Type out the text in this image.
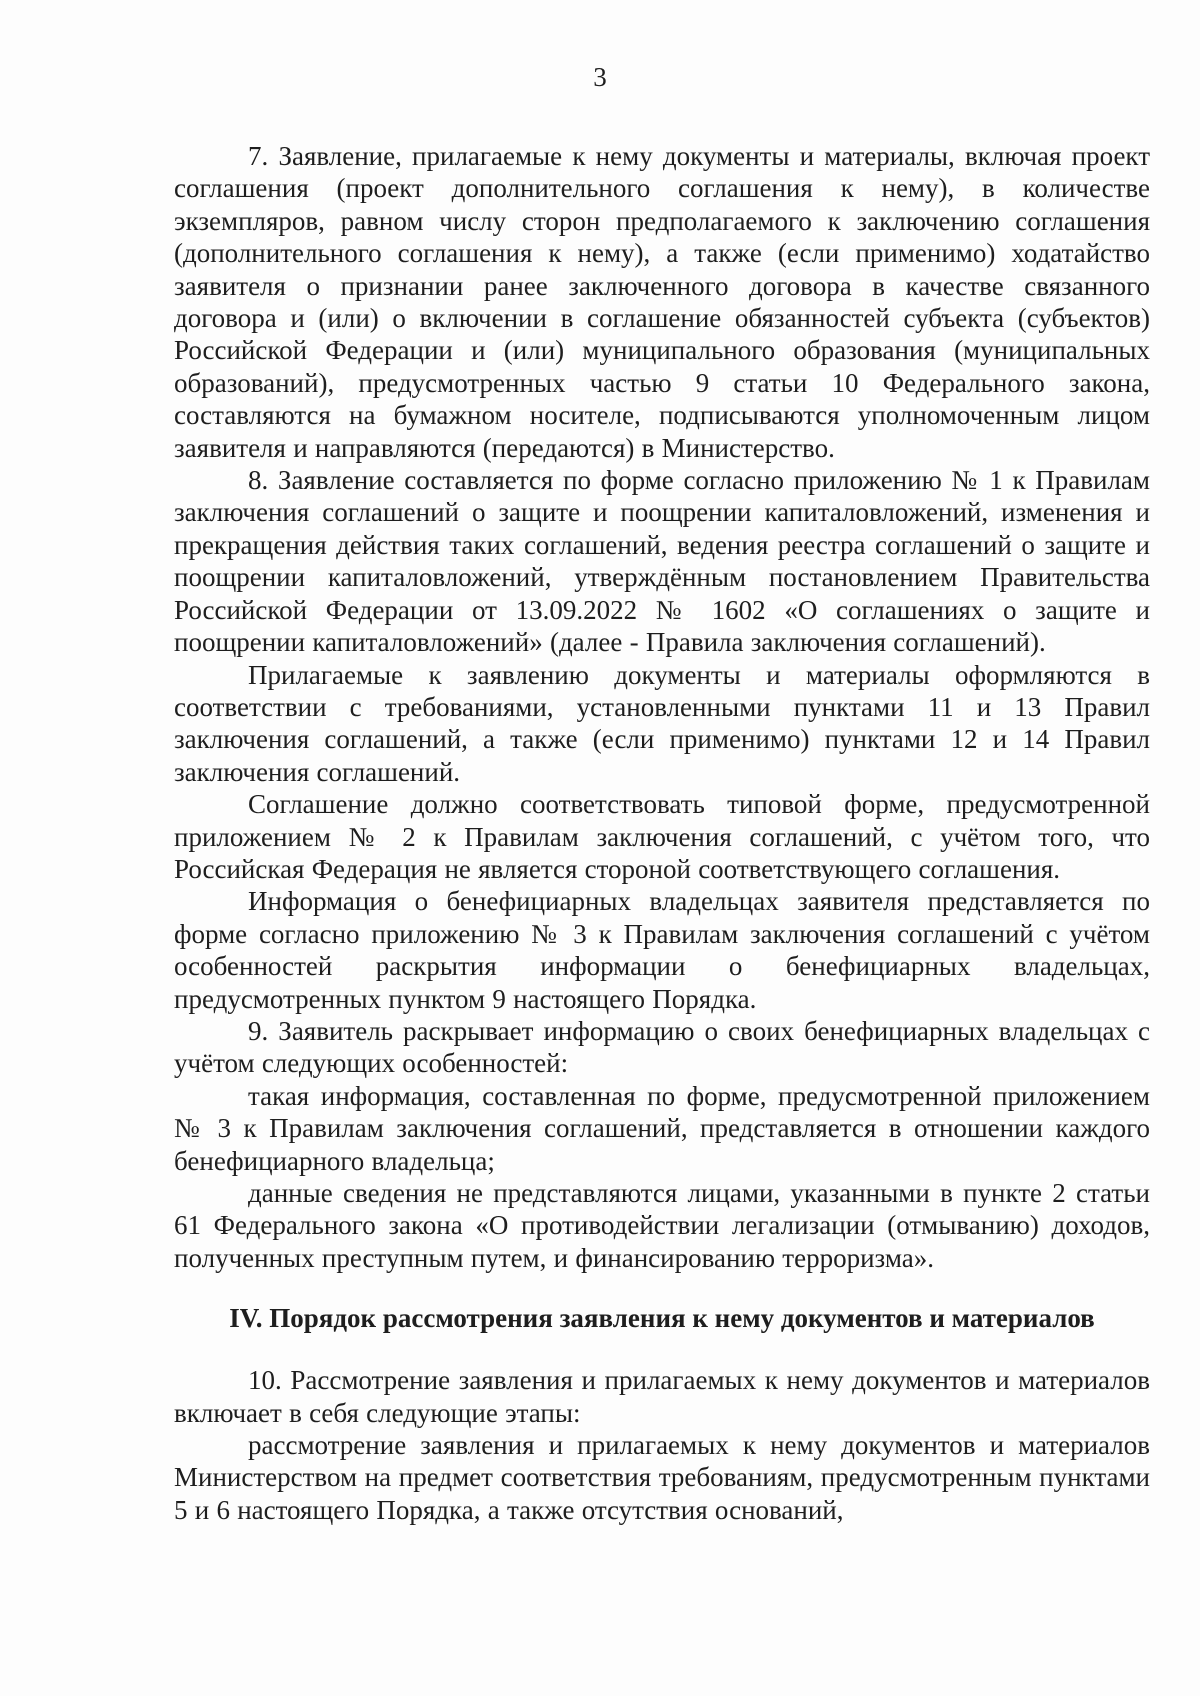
3

7. Заявление, прилагаемые к нему документы и материалы, включая проект соглашения (проект дополнительного соглашения к нему), в количестве экземпляров, равном числу сторон предполагаемого к заключению соглашения (дополнительного соглашения к нему), а также (если применимо) ходатайство заявителя о признании ранее заключенного договора в качестве связанного договора и (или) о включении в соглашение обязанностей субъекта (субъектов) Российской Федерации и (или) муниципального образования (муниципальных образований), предусмотренных частью 9 статьи 10 Федерального закона, составляются на бумажном носителе, подписываются уполномоченным лицом заявителя и направляются (передаются) в Министерство.

8. Заявление составляется по форме согласно приложению № 1 к Правилам заключения соглашений о защите и поощрении капиталовложений, изменения и прекращения действия таких соглашений, ведения реестра соглашений о защите и поощрении капиталовложений, утверждённым постановлением Правительства Российской Федерации от 13.09.2022 № 1602 «О соглашениях о защите и поощрении капиталовложений» (далее - Правила заключения соглашений).

Прилагаемые к заявлению документы и материалы оформляются в соответствии с требованиями, установленными пунктами 11 и 13 Правил заключения соглашений, а также (если применимо) пунктами 12 и 14 Правил заключения соглашений.

Соглашение должно соответствовать типовой форме, предусмотренной приложением № 2 к Правилам заключения соглашений, с учётом того, что Российская Федерация не является стороной соответствующего соглашения.

Информация о бенефициарных владельцах заявителя представляется по форме согласно приложению № 3 к Правилам заключения соглашений с учётом особенностей раскрытия информации о бенефициарных владельцах, предусмотренных пунктом 9 настоящего Порядка.

9. Заявитель раскрывает информацию о своих бенефициарных владельцах с учётом следующих особенностей:

такая информация, составленная по форме, предусмотренной приложением № 3 к Правилам заключения соглашений, представляется в отношении каждого бенефициарного владельца;

данные сведения не представляются лицами, указанными в пункте 2 статьи 61 Федерального закона «О противодействии легализации (отмыванию) доходов, полученных преступным путем, и финансированию терроризма».

IV. Порядок рассмотрения заявления к нему документов и материалов

10. Рассмотрение заявления и прилагаемых к нему документов и материалов включает в себя следующие этапы:

рассмотрение заявления и прилагаемых к нему документов и материалов Министерством на предмет соответствия требованиям, предусмотренным пунктами 5 и 6 настоящего Порядка, а также отсутствия оснований,
